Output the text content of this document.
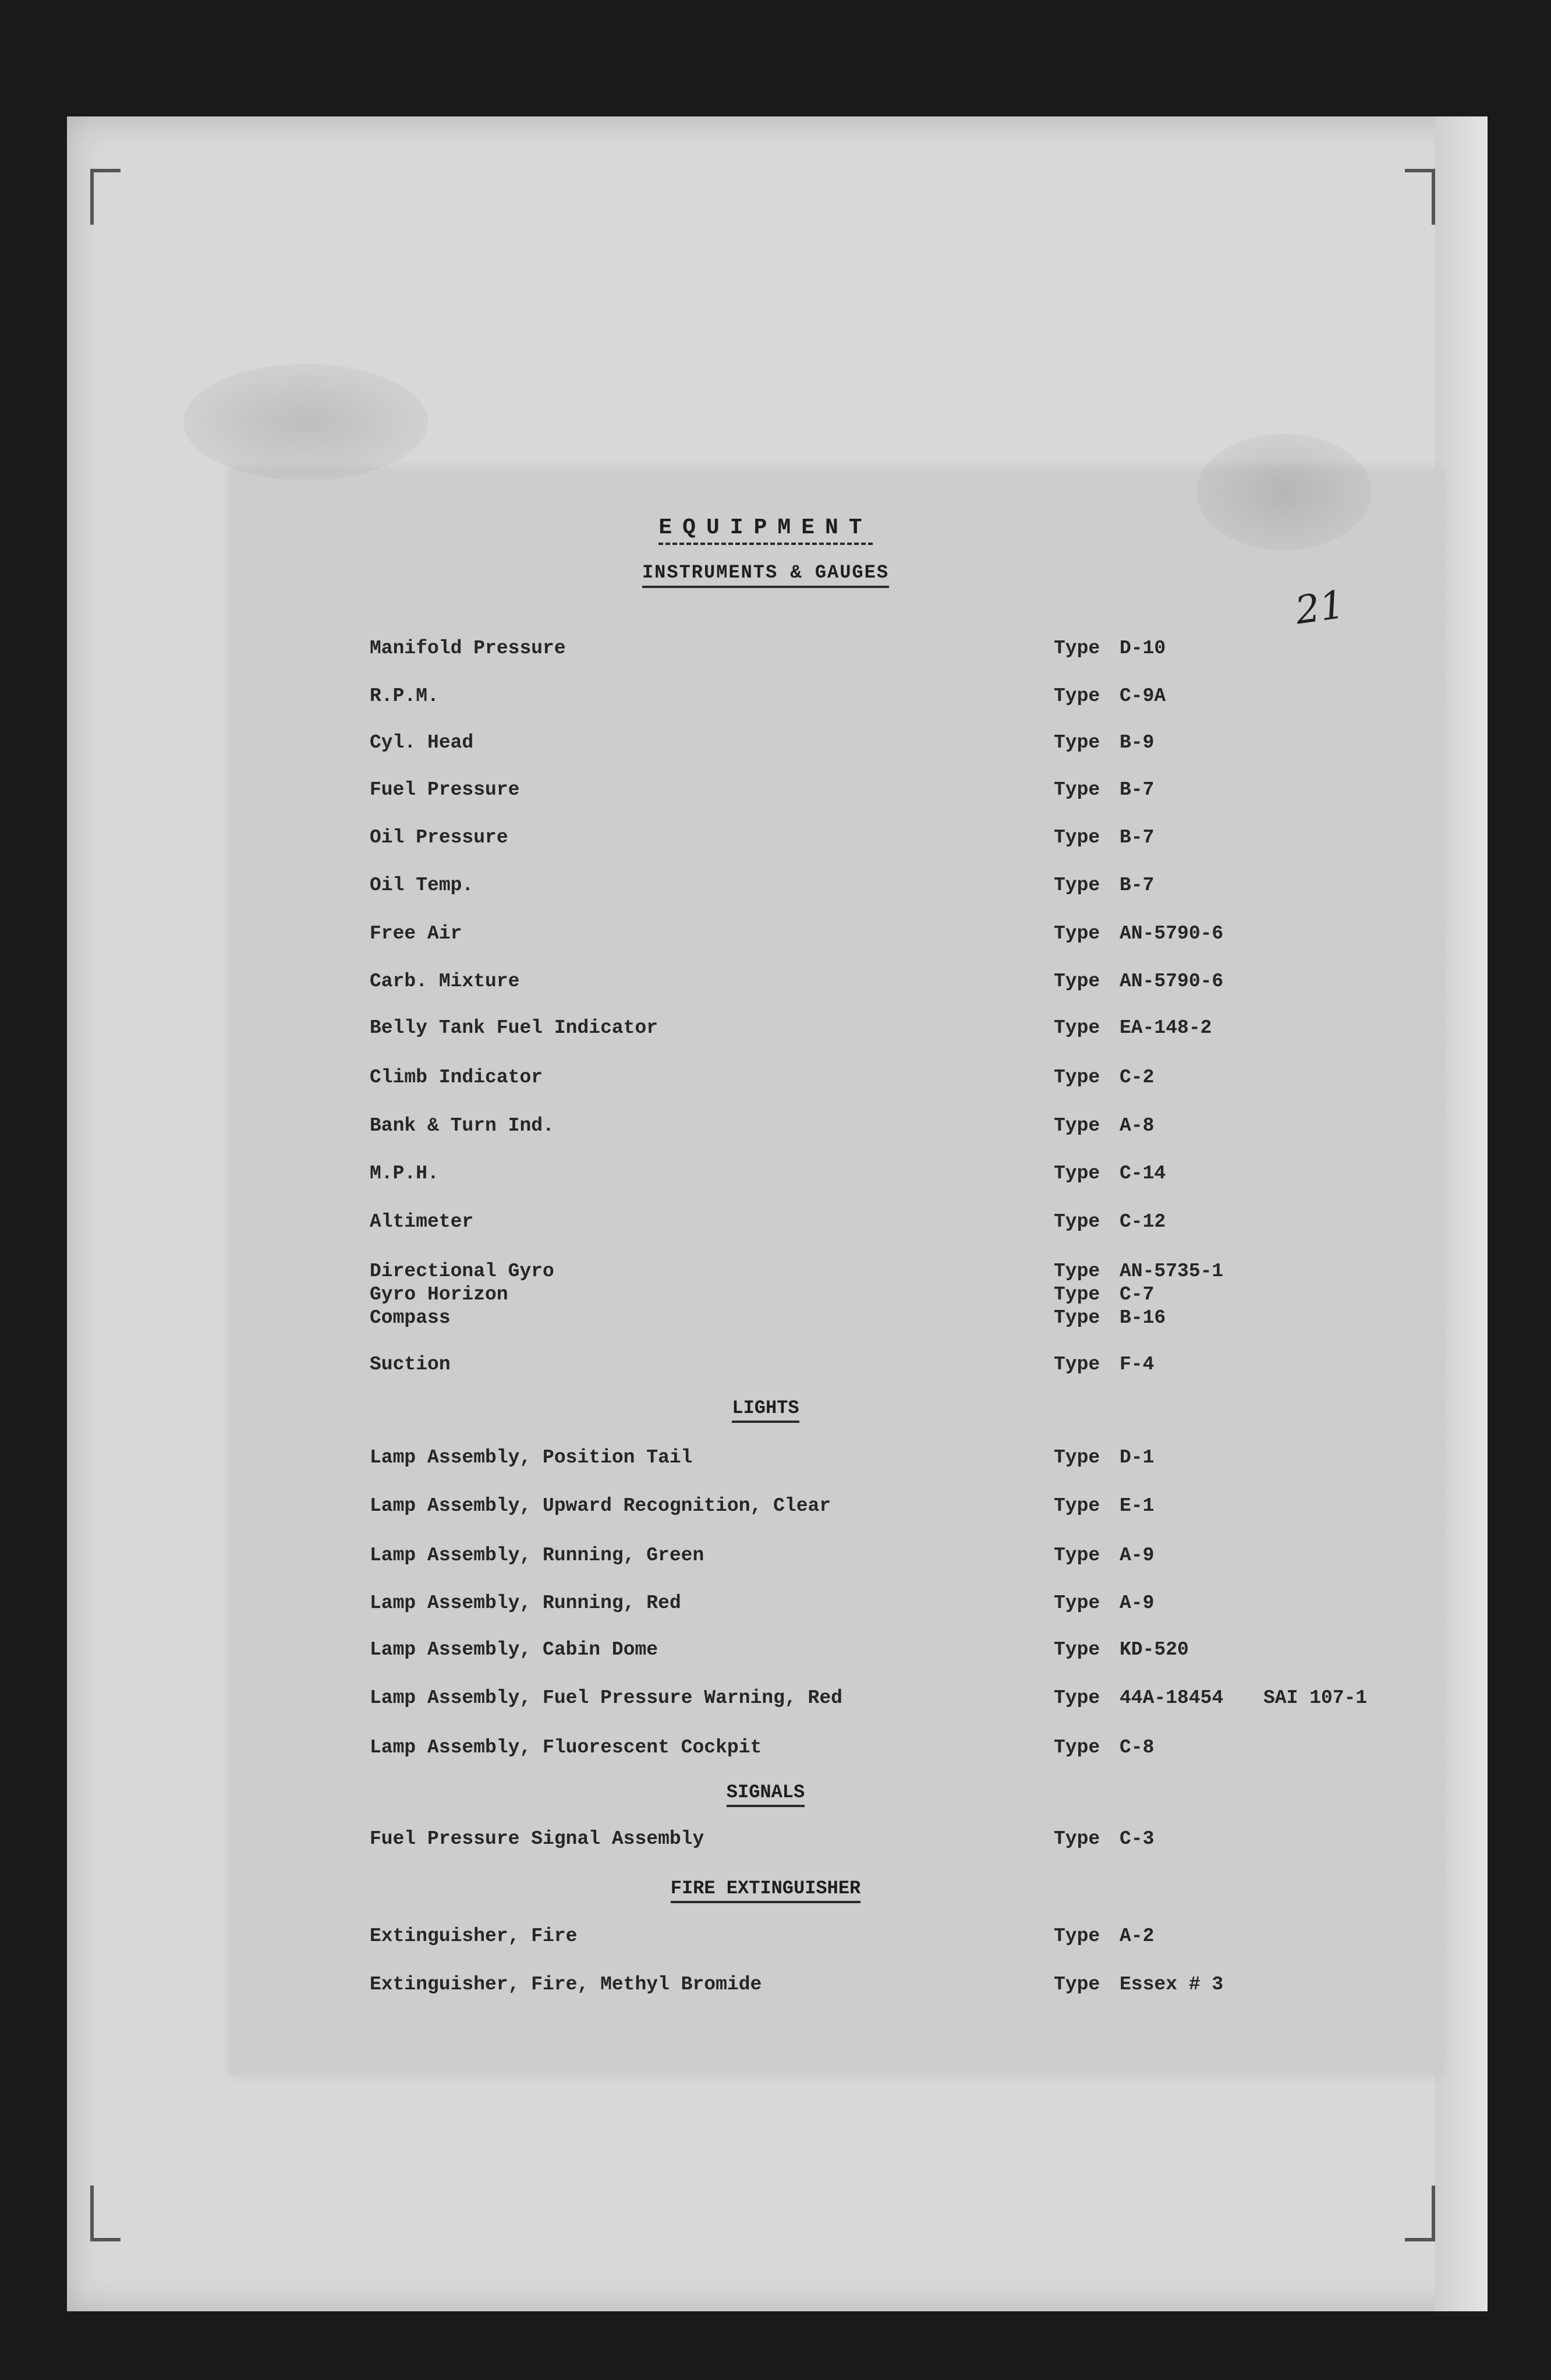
EQUIPMENT
INSTRUMENTS & GAUGES
21
Manifold Pressure	Type D-10
R.P.M.	Type C-9A
Cyl. Head	Type B-9
Fuel Pressure	Type B-7
Oil Pressure	Type B-7
Oil Temp.	Type B-7
Free Air	Type AN-5790-6
Carb. Mixture	Type AN-5790-6
Belly Tank Fuel Indicator	Type EA-148-2
Climb Indicator	Type C-2
Bank & Turn Ind.	Type A-8
M.P.H.	Type C-14
Altimeter	Type C-12
Directional Gyro	Type AN-5735-1
Gyro Horizon	Type C-7
Compass	Type B-16
Suction	Type F-4
LIGHTS
Lamp Assembly, Position Tail	Type D-1
Lamp Assembly, Upward Recognition, Clear	Type E-1
Lamp Assembly, Running, Green	Type A-9
Lamp Assembly, Running, Red	Type A-9
Lamp Assembly, Cabin Dome	Type KD-520
Lamp Assembly, Fuel Pressure Warning, Red	Type 44A-18454 SAI 107-1
Lamp Assembly, Fluorescent Cockpit	Type C-8
SIGNALS
Fuel Pressure Signal Assembly	Type C-3
FIRE EXTINGUISHER
Extinguisher, Fire	Type A-2
Extinguisher, Fire, Methyl Bromide	Type Essex # 3
